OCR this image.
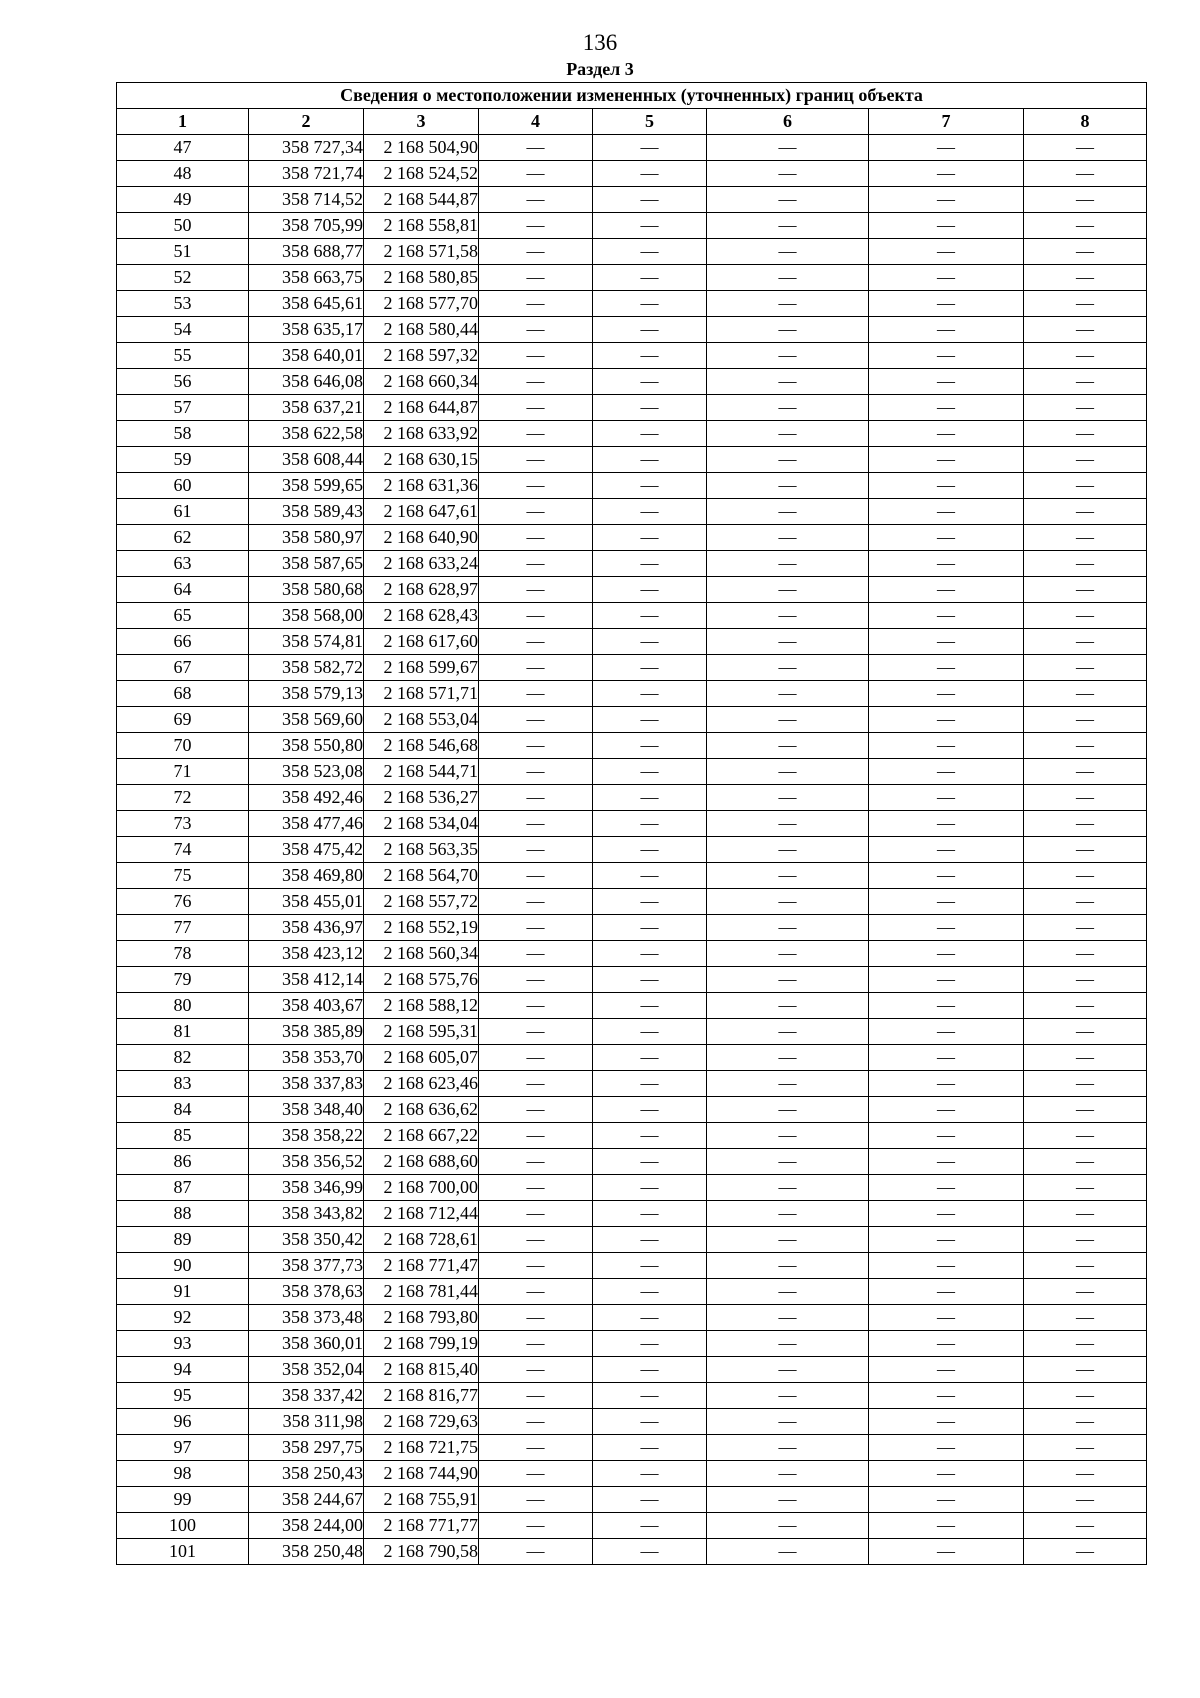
136
Раздел 3
Сведения о местоположении измененных (уточненных) границ объекта							
1	2	3	4	5	6	7	8
47	358 727,34	2 168 504,90	—	—	—	—	—
48	358 721,74	2 168 524,52	—	—	—	—	—
49	358 714,52	2 168 544,87	—	—	—	—	—
50	358 705,99	2 168 558,81	—	—	—	—	—
51	358 688,77	2 168 571,58	—	—	—	—	—
52	358 663,75	2 168 580,85	—	—	—	—	—
53	358 645,61	2 168 577,70	—	—	—	—	—
54	358 635,17	2 168 580,44	—	—	—	—	—
55	358 640,01	2 168 597,32	—	—	—	—	—
56	358 646,08	2 168 660,34	—	—	—	—	—
57	358 637,21	2 168 644,87	—	—	—	—	—
58	358 622,58	2 168 633,92	—	—	—	—	—
59	358 608,44	2 168 630,15	—	—	—	—	—
60	358 599,65	2 168 631,36	—	—	—	—	—
61	358 589,43	2 168 647,61	—	—	—	—	—
62	358 580,97	2 168 640,90	—	—	—	—	—
63	358 587,65	2 168 633,24	—	—	—	—	—
64	358 580,68	2 168 628,97	—	—	—	—	—
65	358 568,00	2 168 628,43	—	—	—	—	—
66	358 574,81	2 168 617,60	—	—	—	—	—
67	358 582,72	2 168 599,67	—	—	—	—	—
68	358 579,13	2 168 571,71	—	—	—	—	—
69	358 569,60	2 168 553,04	—	—	—	—	—
70	358 550,80	2 168 546,68	—	—	—	—	—
71	358 523,08	2 168 544,71	—	—	—	—	—
72	358 492,46	2 168 536,27	—	—	—	—	—
73	358 477,46	2 168 534,04	—	—	—	—	—
74	358 475,42	2 168 563,35	—	—	—	—	—
75	358 469,80	2 168 564,70	—	—	—	—	—
76	358 455,01	2 168 557,72	—	—	—	—	—
77	358 436,97	2 168 552,19	—	—	—	—	—
78	358 423,12	2 168 560,34	—	—	—	—	—
79	358 412,14	2 168 575,76	—	—	—	—	—
80	358 403,67	2 168 588,12	—	—	—	—	—
81	358 385,89	2 168 595,31	—	—	—	—	—
82	358 353,70	2 168 605,07	—	—	—	—	—
83	358 337,83	2 168 623,46	—	—	—	—	—
84	358 348,40	2 168 636,62	—	—	—	—	—
85	358 358,22	2 168 667,22	—	—	—	—	—
86	358 356,52	2 168 688,60	—	—	—	—	—
87	358 346,99	2 168 700,00	—	—	—	—	—
88	358 343,82	2 168 712,44	—	—	—	—	—
89	358 350,42	2 168 728,61	—	—	—	—	—
90	358 377,73	2 168 771,47	—	—	—	—	—
91	358 378,63	2 168 781,44	—	—	—	—	—
92	358 373,48	2 168 793,80	—	—	—	—	—
93	358 360,01	2 168 799,19	—	—	—	—	—
94	358 352,04	2 168 815,40	—	—	—	—	—
95	358 337,42	2 168 816,77	—	—	—	—	—
96	358 311,98	2 168 729,63	—	—	—	—	—
97	358 297,75	2 168 721,75	—	—	—	—	—
98	358 250,43	2 168 744,90	—	—	—	—	—
99	358 244,67	2 168 755,91	—	—	—	—	—
100	358 244,00	2 168 771,77	—	—	—	—	—
101	358 250,48	2 168 790,58	—	—	—	—	—
